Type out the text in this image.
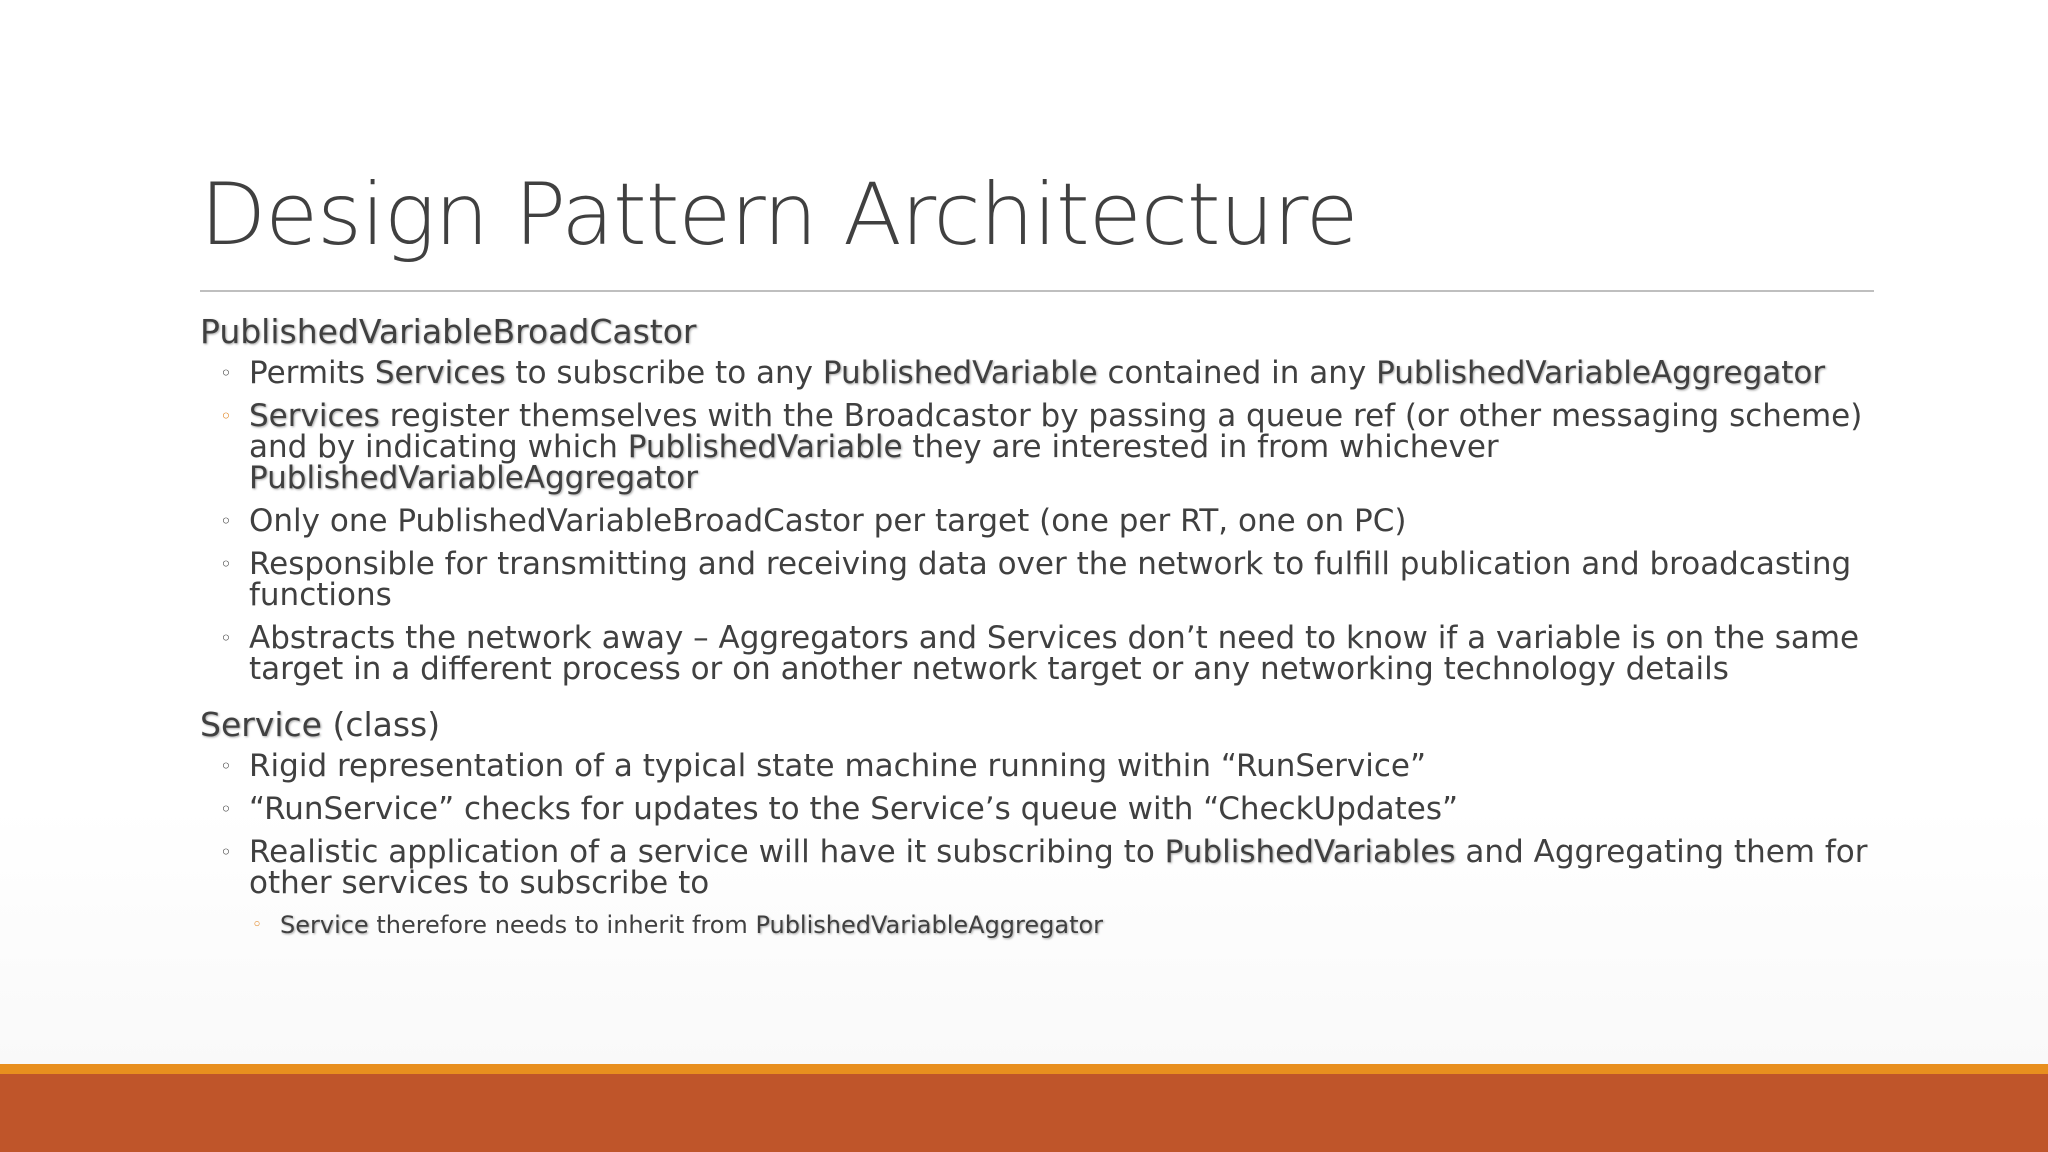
Design Pattern Architecture
PublishedVariableBroadCastor
◦ Permits Services to subscribe to any PublishedVariable contained in any PublishedVariableAggregator
◦ Services register themselves with the Broadcastor by passing a queue ref (or other messaging scheme) and by indicating which PublishedVariable they are interested in from whichever PublishedVariableAggregator
◦ Only one PublishedVariableBroadCastor per target (one per RT, one on PC)
◦ Responsible for transmitting and receiving data over the network to fulfill publication and broadcasting functions
◦ Abstracts the network away – Aggregators and Services don’t need to know if a variable is on the same target in a different process or on another network target or any networking technology details
Service (class)
◦ Rigid representation of a typical state machine running within “RunService”
◦ “RunService” checks for updates to the Service’s queue with “CheckUpdates”
◦ Realistic application of a service will have it subscribing to PublishedVariables and Aggregating them for other services to subscribe to
◦ Service therefore needs to inherit from PublishedVariableAggregator
